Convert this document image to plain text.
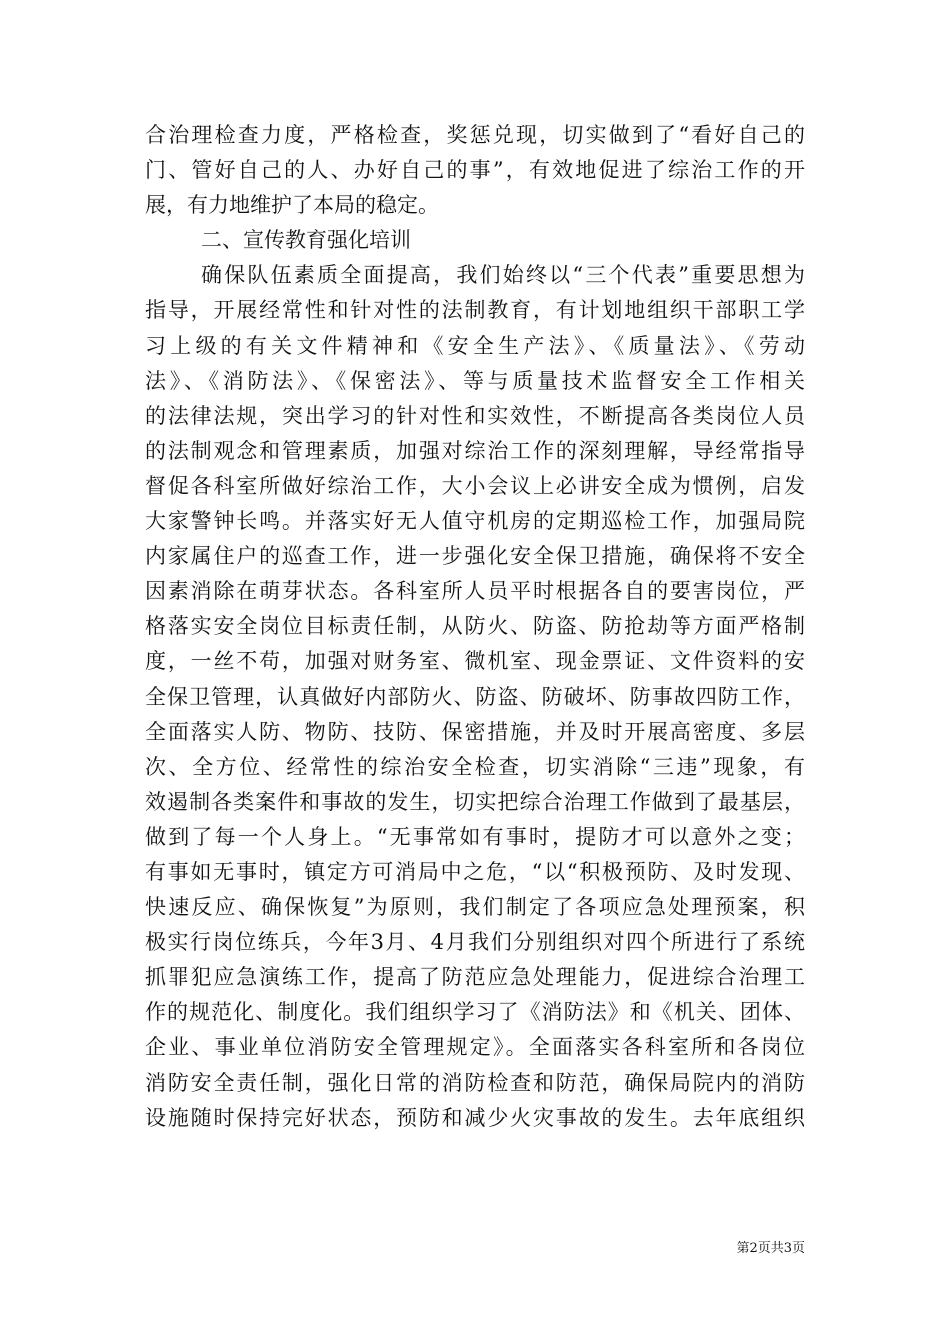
合治理检查力度，严格检查，奖惩兑现，切实做到了“看好自己的
门、管好自己的人、办好自己的事”，有效地促进了综治工作的开
展，有力地维护了本局的稳定。
二、宣传教育强化培训
确保队伍素质全面提高，我们始终以“三个代表”重要思想为
指导，开展经常性和针对性的法制教育，有计划地组织干部职工学
习上级的有关文件精神和《安全生产法》、《质量法》、《劳动
法》、《消防法》、《保密法》、等与质量技术监督安全工作相关
的法律法规，突出学习的针对性和实效性，不断提高各类岗位人员
的法制观念和管理素质，加强对综治工作的深刻理解，导经常指导
督促各科室所做好综治工作，大小会议上必讲安全成为惯例，启发
大家警钟长鸣。并落实好无人值守机房的定期巡检工作，加强局院
内家属住户的巡查工作，进一步强化安全保卫措施，确保将不安全
因素消除在萌芽状态。各科室所人员平时根据各自的要害岗位，严
格落实安全岗位目标责任制，从防火、防盗、防抢劫等方面严格制
度，一丝不苟，加强对财务室、微机室、现金票证、文件资料的安
全保卫管理，认真做好内部防火、防盗、防破坏、防事故四防工作，
全面落实人防、物防、技防、保密措施，并及时开展高密度、多层
次、全方位、经常性的综治安全检查，切实消除“三违”现象，有
效遏制各类案件和事故的发生，切实把综合治理工作做到了最基层，
做到了每一个人身上。“无事常如有事时，提防才可以意外之变；
有事如无事时，镇定方可消局中之危，“以“积极预防、及时发现、
快速反应、确保恢复”为原则，我们制定了各项应急处理预案，积
极实行岗位练兵，今年3月、4月我们分别组织对四个所进行了系统
抓罪犯应急演练工作，提高了防范应急处理能力，促进综合治理工
作的规范化、制度化。我们组织学习了《消防法》和《机关、团体、
企业、事业单位消防安全管理规定》。全面落实各科室所和各岗位
消防安全责任制，强化日常的消防检查和防范，确保局院内的消防
设施随时保持完好状态，预防和减少火灾事故的发生。去年底组织
第2页共3页
